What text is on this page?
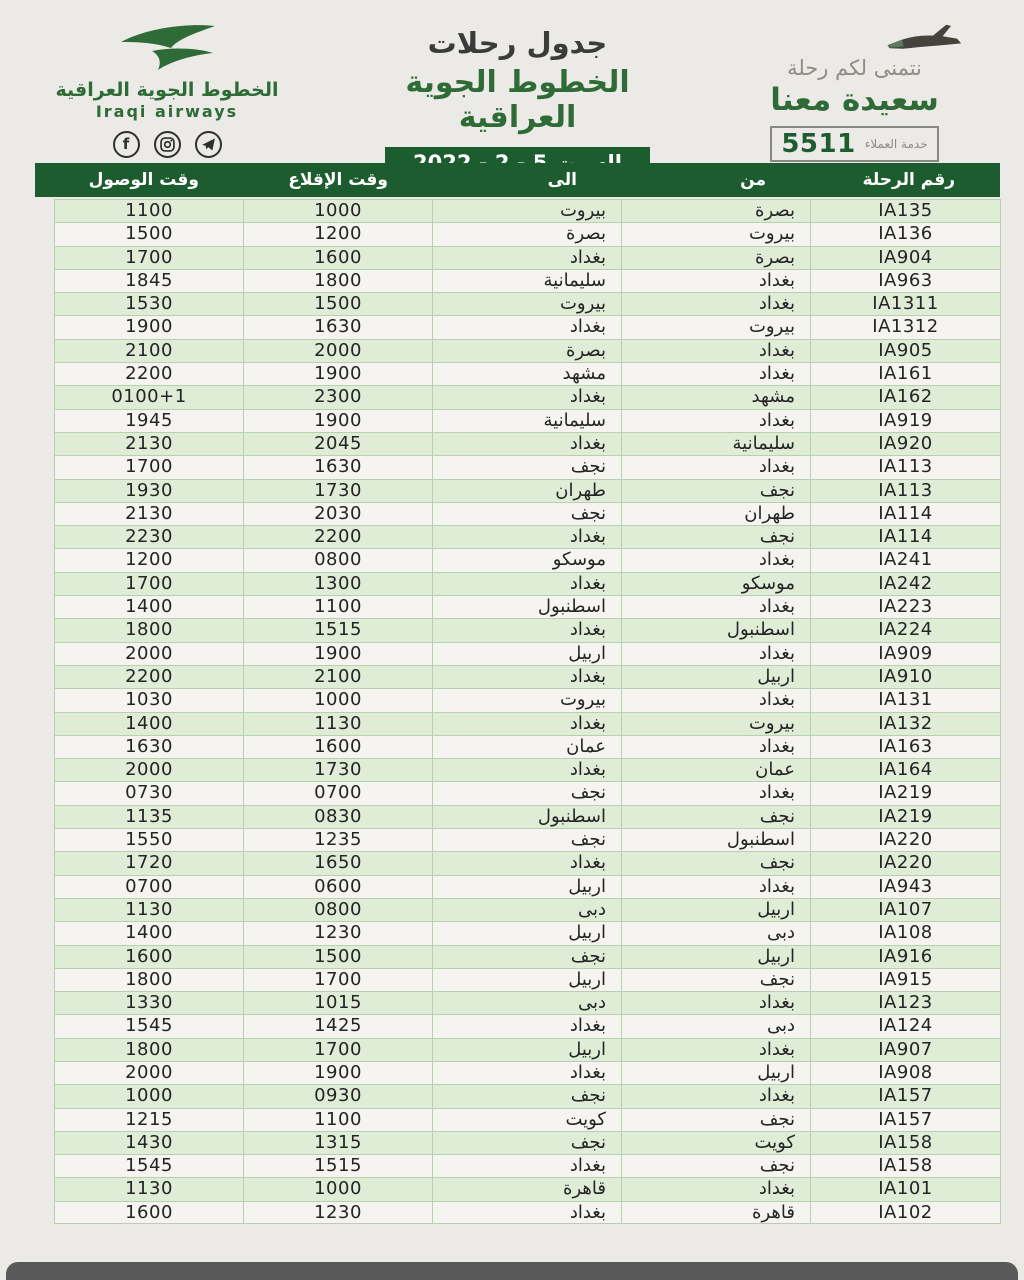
الخطوط الجوية العراقية
Iraqi airways
f
جدول رحلات
الخطوط الجوية العراقية
نتمنى لكم رحلة
سعيدة معنا
خدمة العملاء
5511
وقت الوصول	وقت الإقلاع	الى	من	رقم الرحلة
1100	1000	بيروت	بصرة	IA135
1500	1200	بصرة	بيروت	IA136
1700	1600	بغداد	بصرة	IA904
1845	1800	سليمانية	بغداد	IA963
1530	1500	بيروت	بغداد	IA1311
1900	1630	بغداد	بيروت	IA1312
2100	2000	بصرة	بغداد	IA905
2200	1900	مشهد	بغداد	IA161
0100+1	2300	بغداد	مشهد	IA162
1945	1900	سليمانية	بغداد	IA919
2130	2045	بغداد	سليمانية	IA920
1700	1630	نجف	بغداد	IA113
1930	1730	طهران	نجف	IA113
2130	2030	نجف	طهران	IA114
2230	2200	بغداد	نجف	IA114
1200	0800	موسكو	بغداد	IA241
1700	1300	بغداد	موسكو	IA242
1400	1100	اسطنبول	بغداد	IA223
1800	1515	بغداد	اسطنبول	IA224
2000	1900	اربيل	بغداد	IA909
2200	2100	بغداد	اربيل	IA910
1030	1000	بيروت	بغداد	IA131
1400	1130	بغداد	بيروت	IA132
1630	1600	عمان	بغداد	IA163
2000	1730	بغداد	عمان	IA164
0730	0700	نجف	بغداد	IA219
1135	0830	اسطنبول	نجف	IA219
1550	1235	نجف	اسطنبول	IA220
1720	1650	بغداد	نجف	IA220
0700	0600	اربيل	بغداد	IA943
1130	0800	دبى	اربيل	IA107
1400	1230	اربيل	دبى	IA108
1600	1500	نجف	اربيل	IA916
1800	1700	اربيل	نجف	IA915
1330	1015	دبى	بغداد	IA123
1545	1425	بغداد	دبى	IA124
1800	1700	اربيل	بغداد	IA907
2000	1900	بغداد	اربيل	IA908
1000	0930	نجف	بغداد	IA157
1215	1100	كويت	نجف	IA157
1430	1315	نجف	كويت	IA158
1545	1515	بغداد	نجف	IA158
1130	1000	قاهرة	بغداد	IA101
1600	1230	بغداد	قاهرة	IA102
